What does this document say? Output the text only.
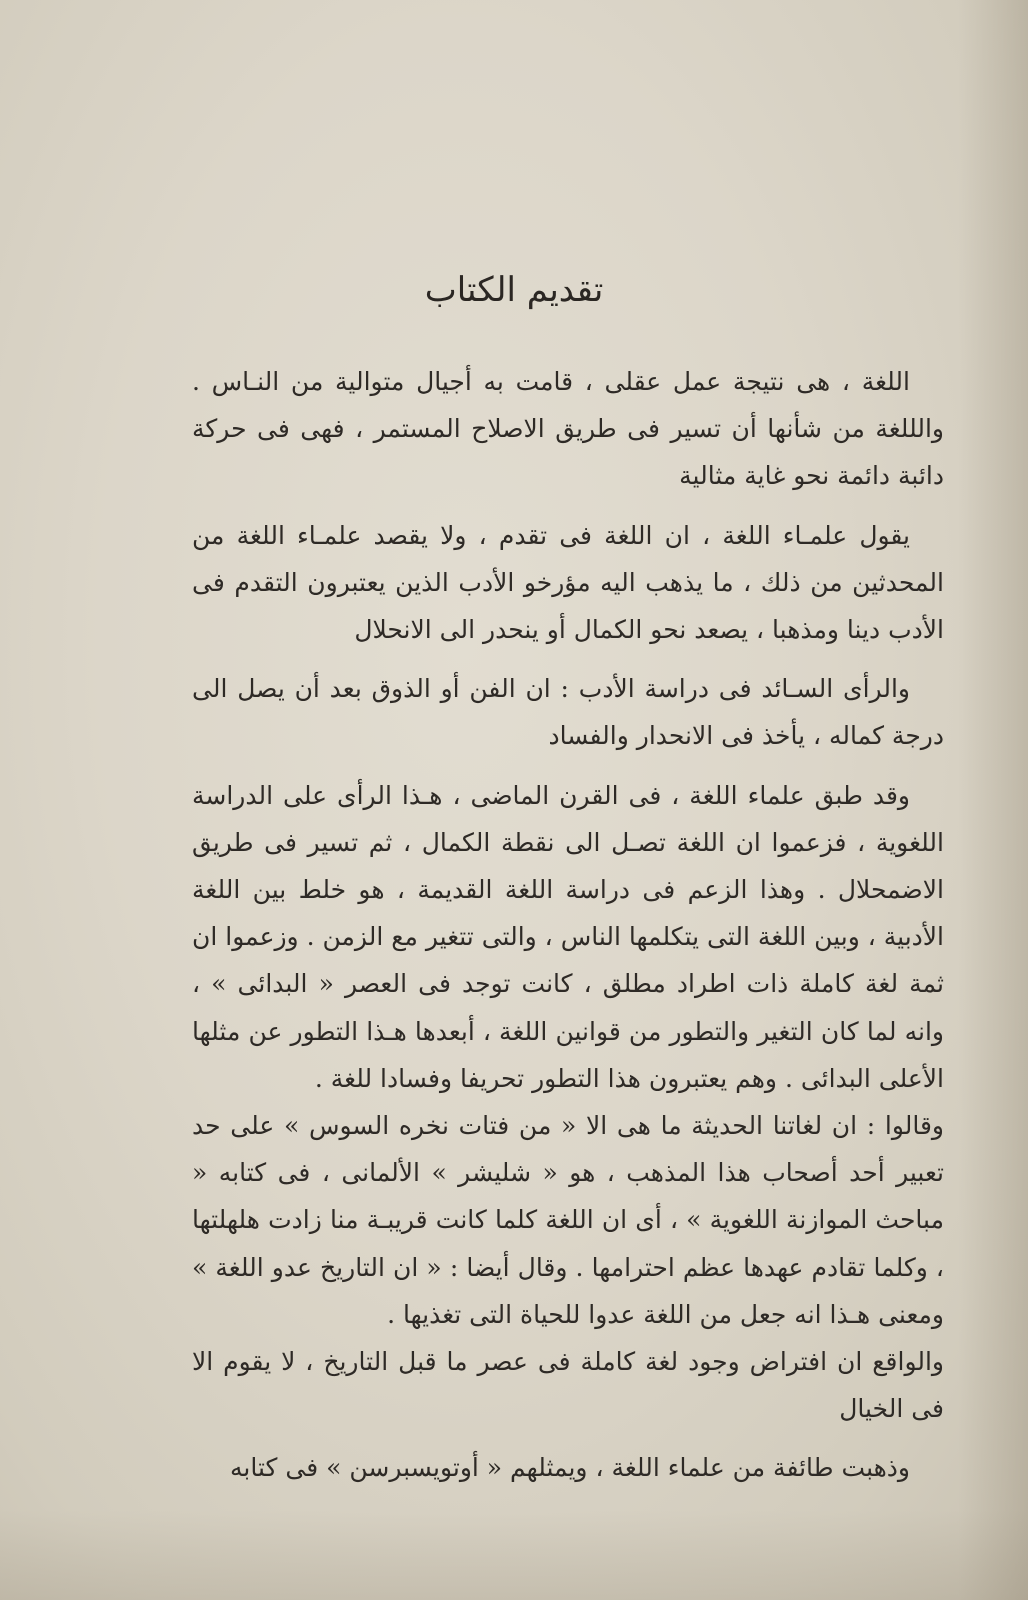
تقديم الكتاب

اللغة ، هى نتيجة عمل عقلى ، قامت به أجيال متوالية من النـاس . والللغة من شأنها أن تسير فى طريق الاصلاح المستمر ، فهى فى حركة دائبة دائمة نحو غاية مثالية

يقول علمـاء اللغة ، ان اللغة فى تقدم ، ولا يقصد علمـاء اللغة من المحدثين من ذلك ، ما يذهب اليه مؤرخو الأدب الذين يعتبرون التقدم فى الأدب دينا ومذهبا ، يصعد نحو الكمال أو ينحدر الى الانحلال

والرأى السـائد فى دراسة الأدب : ان الفن أو الذوق بعد أن يصل الى درجة كماله ، يأخذ فى الانحدار والفساد

وقد طبق علماء اللغة ، فى القرن الماضى ، هـذا الرأى على الدراسة اللغوية ، فزعموا ان اللغة تصـل الى نقطة الكمال ، ثم تسير فى طريق الاضمحلال . وهذا الزعم فى دراسة اللغة القديمة ، هو خلط بين اللغة الأدبية ، وبين اللغة التى يتكلمها الناس ، والتى تتغير مع الزمن . وزعموا ان ثمة لغة كاملة ذات اطراد مطلق ، كانت توجد فى العصر « البدائى » ، وانه لما كان التغير والتطور من قوانين اللغة ، أبعدها هـذا التطور عن مثلها الأعلى البدائى . وهم يعتبرون هذا التطور تحريفا وفسادا للغة .

وقالوا : ان لغاتنا الحديثة ما هى الا « من فتات نخره السوس » على حد تعبير أحد أصحاب هذا المذهب ، هو « شليشر » الألمانى ، فى كتابه « مباحث الموازنة اللغوية » ، أى ان اللغة كلما كانت قريبـة منا زادت هلهلتها ، وكلما تقادم عهدها عظم احترامها . وقال أيضا : « ان التاريخ عدو اللغة » ومعنى هـذا انه جعل من اللغة عدوا للحياة التى تغذيها .

والواقع ان افتراض وجود لغة كاملة فى عصر ما قبل التاريخ ، لا يقوم الا فى الخيال

وذهبت طائفة من علماء اللغة ، ويمثلهم « أوتويسبرسن » فى كتابه
